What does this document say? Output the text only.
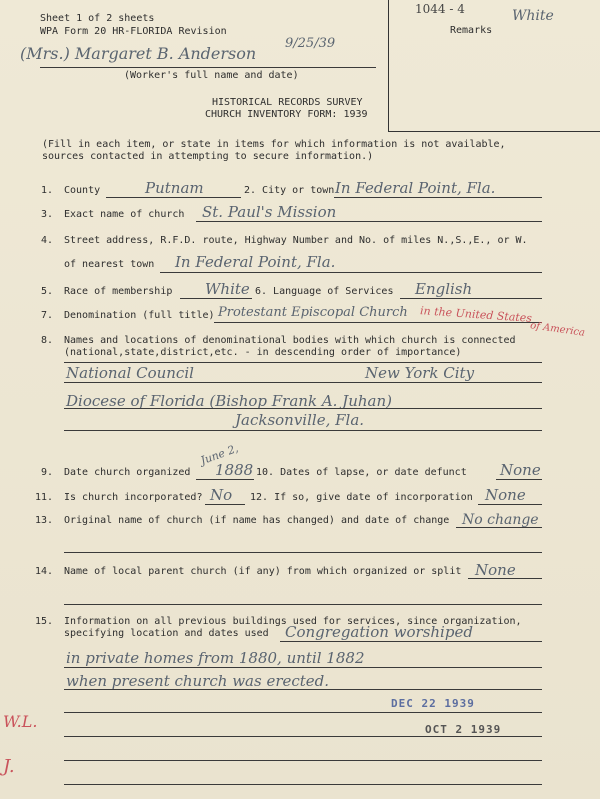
Sheet 1 of 2 sheets
WPA Form 20 HR-FLORIDA Revision
(Mrs.) Margaret B. Anderson
9/25/39
(Worker's full name and date)
HISTORICAL RECORDS SURVEY
CHURCH INVENTORY FORM: 1939
Remarks
1044 - 4	White
(Fill in each item, or state in items for which information is not available,
sources contacted in attempting to secure information.)
1. County	Putnam	2. City or town In Federal Point, Fla.
3. Exact name of church St. Paul's Mission
4. Street address, R.F.D. route, Highway Number and No. of miles N.,S.,E., or W.
of nearest town In Federal Point, Fla.
5. Race of membership White 6. Language of Services English
7. Denomination (full title) Protestant Episcopal Church in the United States
of America
8. Names and locations of denominational bodies with which church is connected
(national,state,district,etc. - in descending order of importance)
National Council	New York City
Diocese of Florida (Bishop Frank A. Juhan)
Jacksonville, Fla.
9. Date church organized
June 2,
1888 10. Dates of lapse, or date defunct None
11. Is church incorporated? No 12. If so, give date of incorporation None
13. Original name of church (if name has changed) and date of change No change
14. Name of local parent church (if any) from which organized or split None
15. Information on all previous buildings used for services, since organization,
specifying location and dates used Congregation worshiped
in private homes from 1880, until 1882
when present church was erected.
DEC 22 1939
OCT 2 1939
W.L.
J.
